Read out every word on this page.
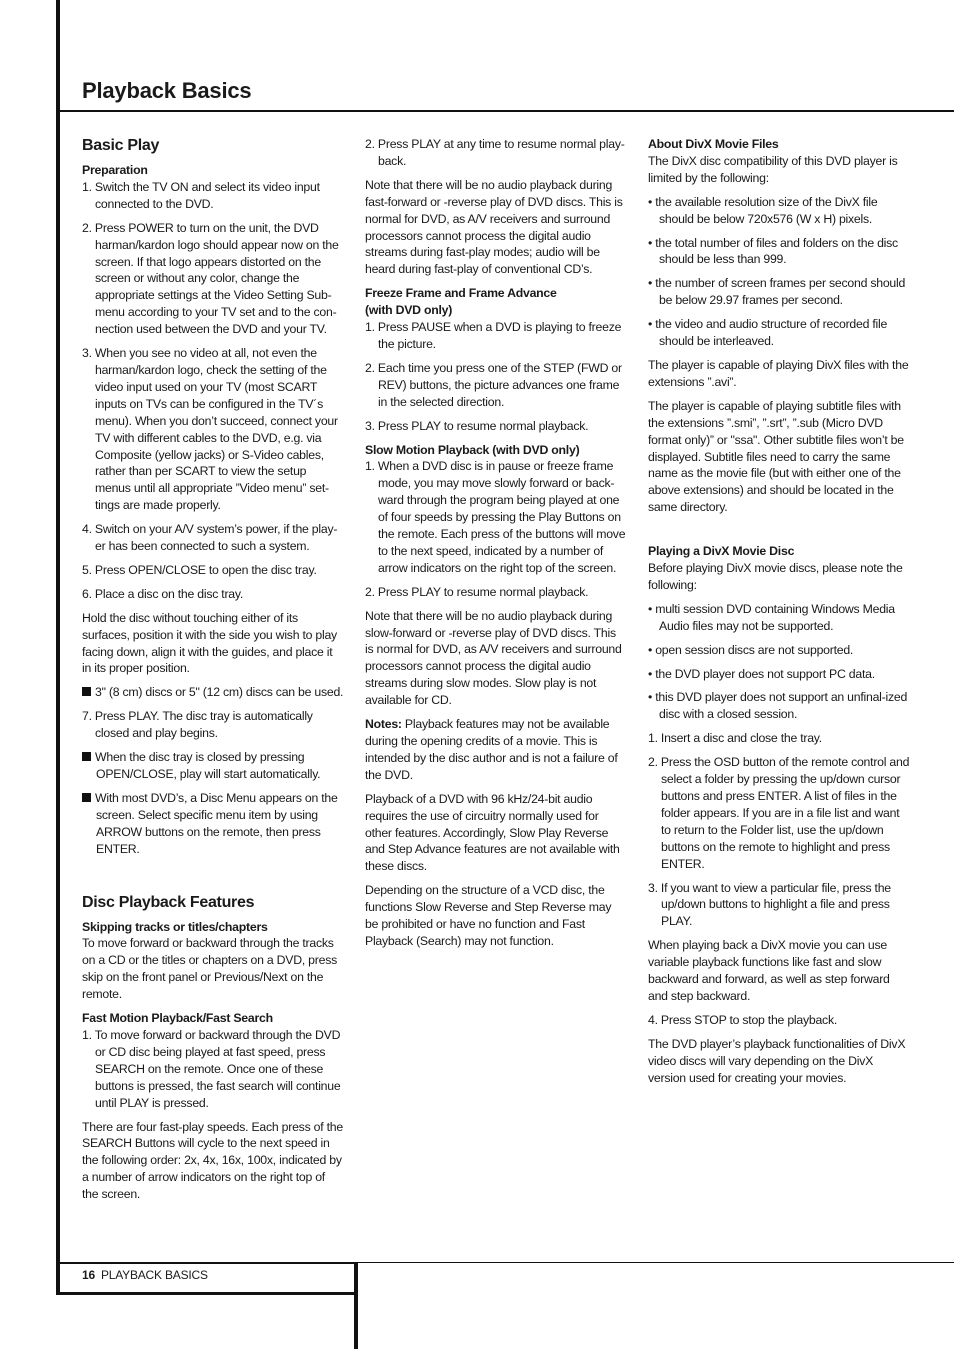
Playback Basics
Basic Play
Preparation

1. Switch the TV ON and select its video input connected to the DVD.

2. Press POWER to turn on the unit, the DVD harman/kardon logo should appear now on the screen. If that logo appears distorted on the screen or without any color, change the appropriate settings at the Video Setting Sub-menu according to your TV set and to the con-nection used between the DVD and your TV.

3. When you see no video at all, not even the harman/kardon logo, check the setting of the video input used on your TV (most SCART inputs on TVs can be configured in the TV´s menu). When you don’t succeed, connect your TV with different cables to the DVD, e.g. via Composite (yellow jacks) or S-Video cables, rather than per SCART to view the setup menus until all appropriate ”Video menu” set-tings are made properly.

4. Switch on your A/V system’s power, if the play-er has been connected to such a system.

5. Press OPEN/CLOSE to open the disc tray.

6. Place a disc on the disc tray.

Hold the disc without touching either of its surfaces, position it with the side you wish to play facing down, align it with the guides, and place it in its proper position.

3" (8 cm) discs or 5" (12 cm) discs can be used.

7. Press PLAY. The disc tray is automatically closed and play begins.

When the disc tray is closed by pressing OPEN/CLOSE, play will start automatically.

With most DVD’s, a Disc Menu appears on the screen. Select specific menu item by using ARROW buttons on the remote, then press ENTER.

Disc Playback Features
Skipping tracks or titles/chapters

To move forward or backward through the tracks on a CD or the titles or chapters on a DVD, press skip on the front panel or Previous/Next on the remote.

Fast Motion Playback/Fast Search

1. To move forward or backward through the DVD or CD disc being played at fast speed, press SEARCH on the remote. Once one of these buttons is pressed, the fast search will continue until PLAY is pressed.

There are four fast-play speeds. Each press of the SEARCH Buttons will cycle to the next speed in the following order: 2x, 4x, 16x, 100x, indicated by a number of arrow indicators on the right top of the screen.

2. Press PLAY at any time to resume normal play-back.

Note that there will be no audio playback during fast-forward or -reverse play of DVD discs. This is normal for DVD, as A/V receivers and surround processors cannot process the digital audio streams during fast-play modes; audio will be heard during fast-play of conventional CD’s.

Freeze Frame and Frame Advance
(with DVD only)

1. Press PAUSE when a DVD is playing to freeze the picture.

2. Each time you press one of the STEP (FWD or REV) buttons, the picture advances one frame in the selected direction.

3. Press PLAY to resume normal playback.

Slow Motion Playback (with DVD only)

1. When a DVD disc is in pause or freeze frame mode, you may move slowly forward or back-ward through the program being played at one of four speeds by pressing the Play Buttons on the remote. Each press of the buttons will move to the next speed, indicated by a number of arrow indicators on the right top of the screen.

2. Press PLAY to resume normal playback.

Note that there will be no audio playback during slow-forward or -reverse play of DVD discs. This is normal for DVD, as A/V receivers and surround processors cannot process the digital audio streams during slow modes. Slow play is not available for CD.

Notes: Playback features may not be available during the opening credits of a movie. This is intended by the disc author and is not a failure of the DVD.

Playback of a DVD with 96 kHz/24-bit audio requires the use of circuitry normally used for other features. Accordingly, Slow Play Reverse and Step Advance features are not available with these discs.

Depending on the structure of a VCD disc, the functions Slow Reverse and Step Reverse may be prohibited or have no function and Fast Playback (Search) may not function.

About DivX Movie Files

The DivX disc compatibility of this DVD player is limited by the following:

• the available resolution size of the DivX file should be below 720x576 (W x H) pixels.

• the total number of files and folders on the disc should be less than 999.

• the number of screen frames per second should be below 29.97 frames per second.

• the video and audio structure of recorded file should be interleaved.

The player is capable of playing DivX files with the extensions ”.avi”.

The player is capable of playing subtitle files with the extensions ”.smi”, ”.srt”, ”.sub (Micro DVD format only)” or "ssa". Other subtitle files won’t be displayed. Subtitle files need to carry the same name as the movie file (but with either one of the above extensions) and should be located in the same directory.

Playing a DivX Movie Disc

Before playing DivX movie discs, please note the following:

• multi session DVD containing Windows Media Audio files may not be supported.

• open session discs are not supported.

• the DVD player does not support PC data.

• this DVD player does not support an unfinal-ized disc with a closed session.

1. Insert a disc and close the tray.

2. Press the OSD button of the remote control and select a folder by pressing the up/down cursor buttons and press ENTER. A list of files in the folder appears. If you are in a file list and want to return to the Folder list, use the up/down buttons on the remote to highlight and press ENTER.

3. If you want to view a particular file, press the up/down buttons to highlight a file and press PLAY.

When playing back a DivX movie you can use variable playback functions like fast and slow backward and forward, as well as step forward and step backward.

4. Press STOP to stop the playback.

The DVD player’s playback functionalities of DivX video discs will vary depending on the DivX version used for creating your movies.

16 PLAYBACK BASICS
